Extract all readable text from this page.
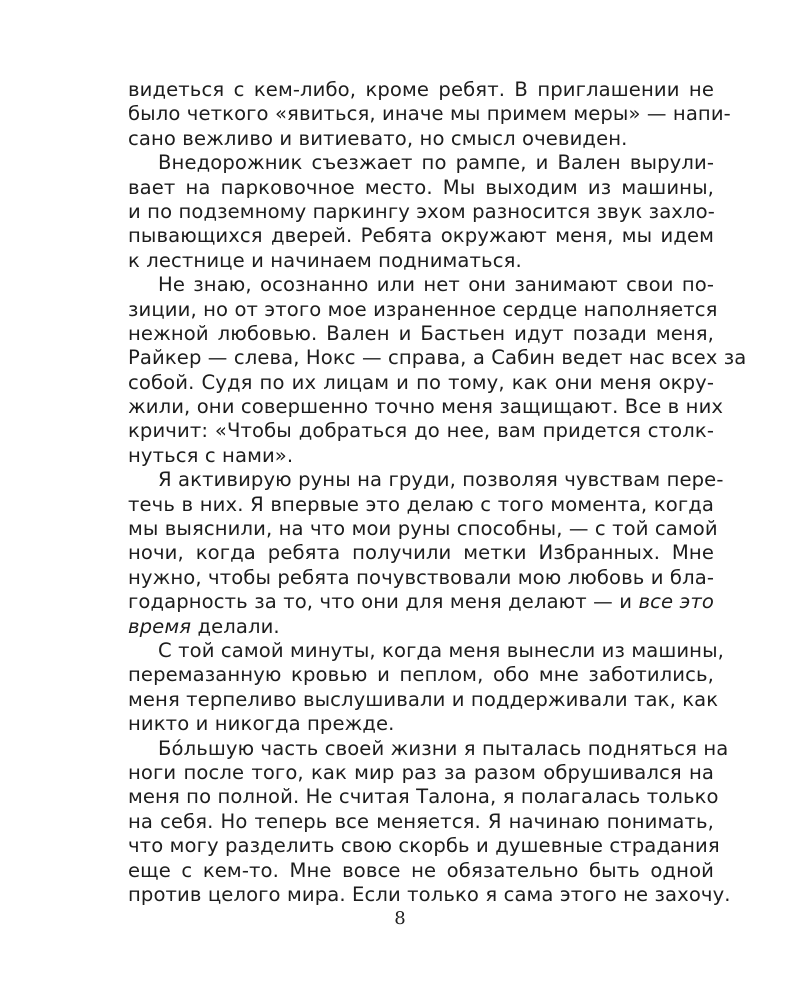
видеться с кем-либо, кроме ребят. В приглашении не
было четкого «явиться, иначе мы примем меры» — напи-
сано вежливо и витиевато, но смысл очевиден.
Внедорожник съезжает по рампе, и Вален вырули-
вает на парковочное место. Мы выходим из машины,
и по подземному паркингу эхом разносится звук захло-
пывающихся дверей. Ребята окружают меня, мы идем
к лестнице и начинаем подниматься.
Не знаю, осознанно или нет они занимают свои по-
зиции, но от этого мое израненное сердце наполняется
нежной любовью. Вален и Бастьен идут позади меня,
Райкер — слева, Нокс — справа, а Сабин ведет нас всех за
собой. Судя по их лицам и по тому, как они меня окру-
жили, они совершенно точно меня защищают. Все в них
кричит: «Чтобы добраться до нее, вам придется столк-
нуться с нами».
Я активирую руны на груди, позволяя чувствам пере-
течь в них. Я впервые это делаю с того момента, когда
мы выяснили, на что мои руны способны, — с той самой
ночи, когда ребята получили метки Избранных. Мне
нужно, чтобы ребята почувствовали мою любовь и бла-
годарность за то, что они для меня делают — и все это
время делали.
С той самой минуты, когда меня вынесли из машины,
перемазанную кровью и пеплом, обо мне заботились,
меня терпеливо выслушивали и поддерживали так, как
никто и никогда прежде.
Бóльшую часть своей жизни я пыталась подняться на
ноги после того, как мир раз за разом обрушивался на
меня по полной. Не считая Талона, я полагалась только
на себя. Но теперь все меняется. Я начинаю понимать,
что могу разделить свою скорбь и душевные страдания
еще с кем-то. Мне вовсе не обязательно быть одной
против целого мира. Если только я сама этого не захочу.
8
